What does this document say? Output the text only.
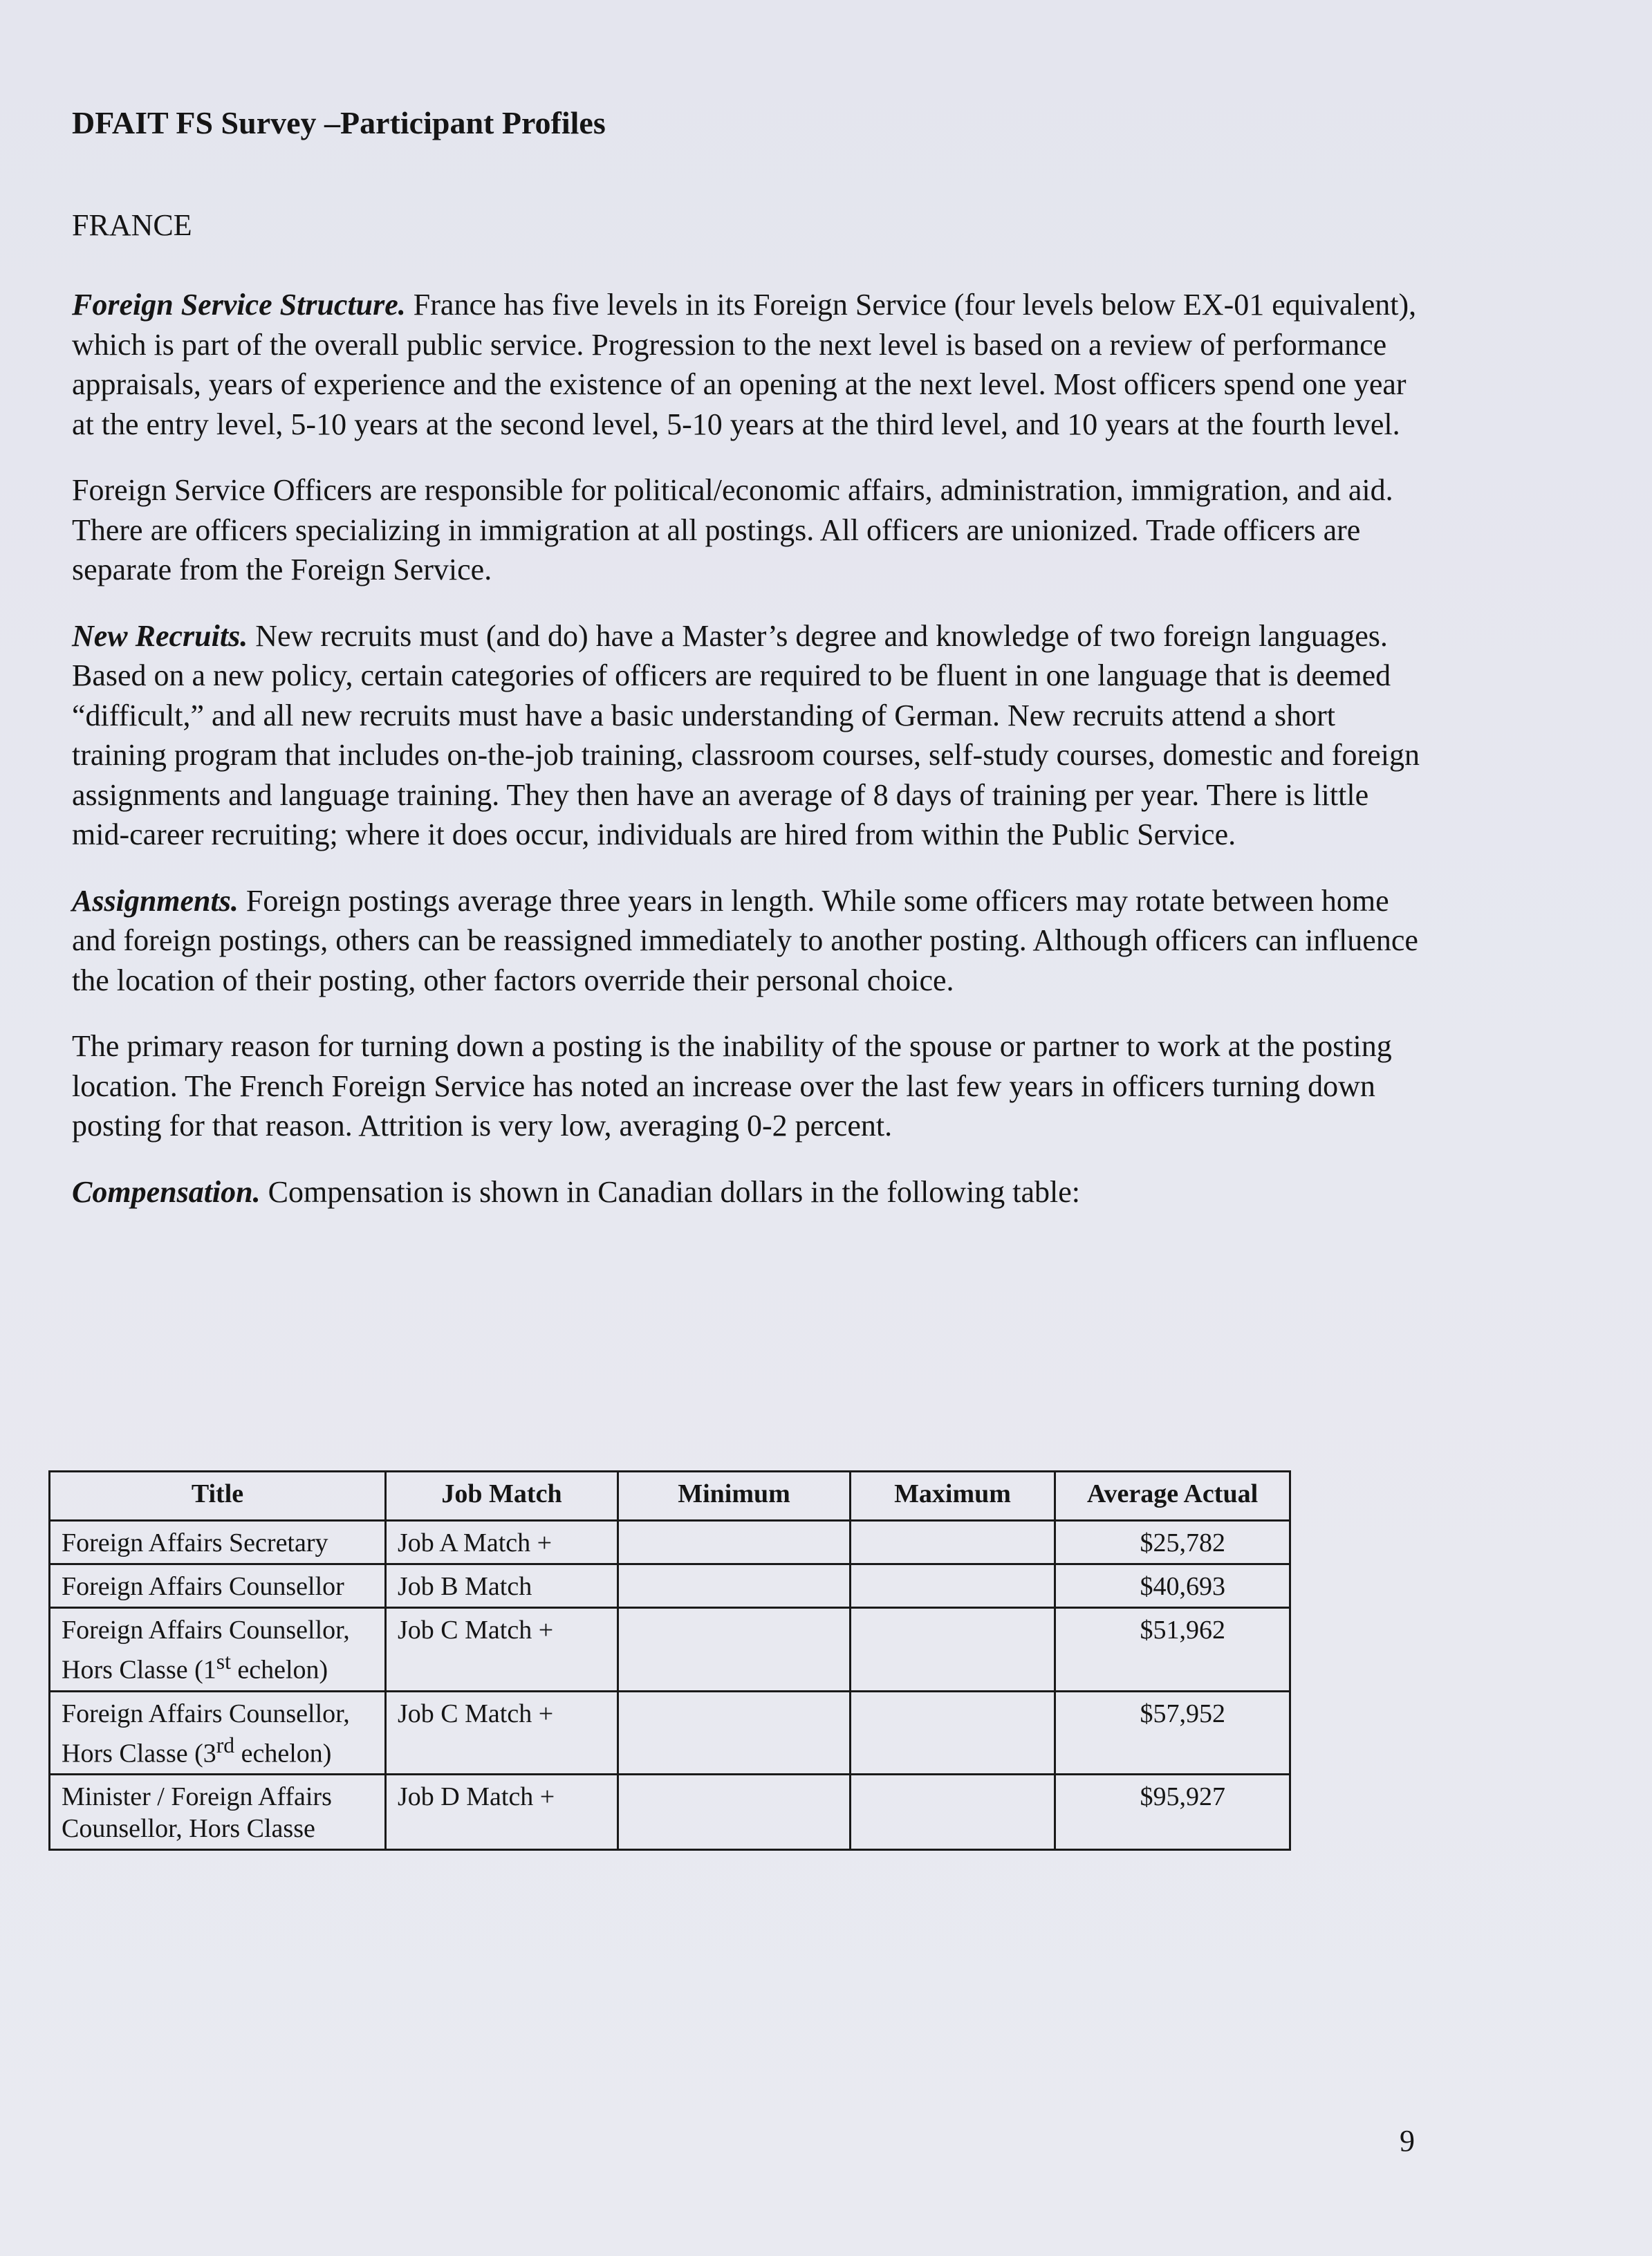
DFAIT FS Survey –Participant Profiles
FRANCE

Foreign Service Structure. France has five levels in its Foreign Service (four levels below EX-01 equivalent), which is part of the overall public service. Progression to the next level is based on a review of performance appraisals, years of experience and the existence of an opening at the next level. Most officers spend one year at the entry level, 5-10 years at the second level, 5-10 years at the third level, and 10 years at the fourth level.

Foreign Service Officers are responsible for political/economic affairs, administration, immigration, and aid. There are officers specializing in immigration at all postings. All officers are unionized. Trade officers are separate from the Foreign Service.

New Recruits. New recruits must (and do) have a Master’s degree and knowledge of two foreign languages. Based on a new policy, certain categories of officers are required to be fluent in one language that is deemed “difficult,” and all new recruits must have a basic understanding of German. New recruits attend a short training program that includes on-the-job training, classroom courses, self-study courses, domestic and foreign assignments and language training. They then have an average of 8 days of training per year. There is little mid-career recruiting; where it does occur, individuals are hired from within the Public Service.

Assignments. Foreign postings average three years in length. While some officers may rotate between home and foreign postings, others can be reassigned immediately to another posting. Although officers can influence the location of their posting, other factors override their personal choice.

The primary reason for turning down a posting is the inability of the spouse or partner to work at the posting location. The French Foreign Service has noted an increase over the last few years in officers turning down posting for that reason. Attrition is very low, averaging 0-2 percent.

Compensation. Compensation is shown in Canadian dollars in the following table:

Title	Job Match	Minimum	Maximum	Average Actual
Foreign Affairs Secretary	Job A Match +			$25,782
Foreign Affairs Counsellor	Job B Match			$40,693
Foreign Affairs Counsellor, Hors Classe (1st echelon)	Job C Match +			$51,962
Foreign Affairs Counsellor, Hors Classe (3rd echelon)	Job C Match +			$57,952
Minister / Foreign Affairs Counsellor, Hors Classe	Job D Match +			$95,927
9
